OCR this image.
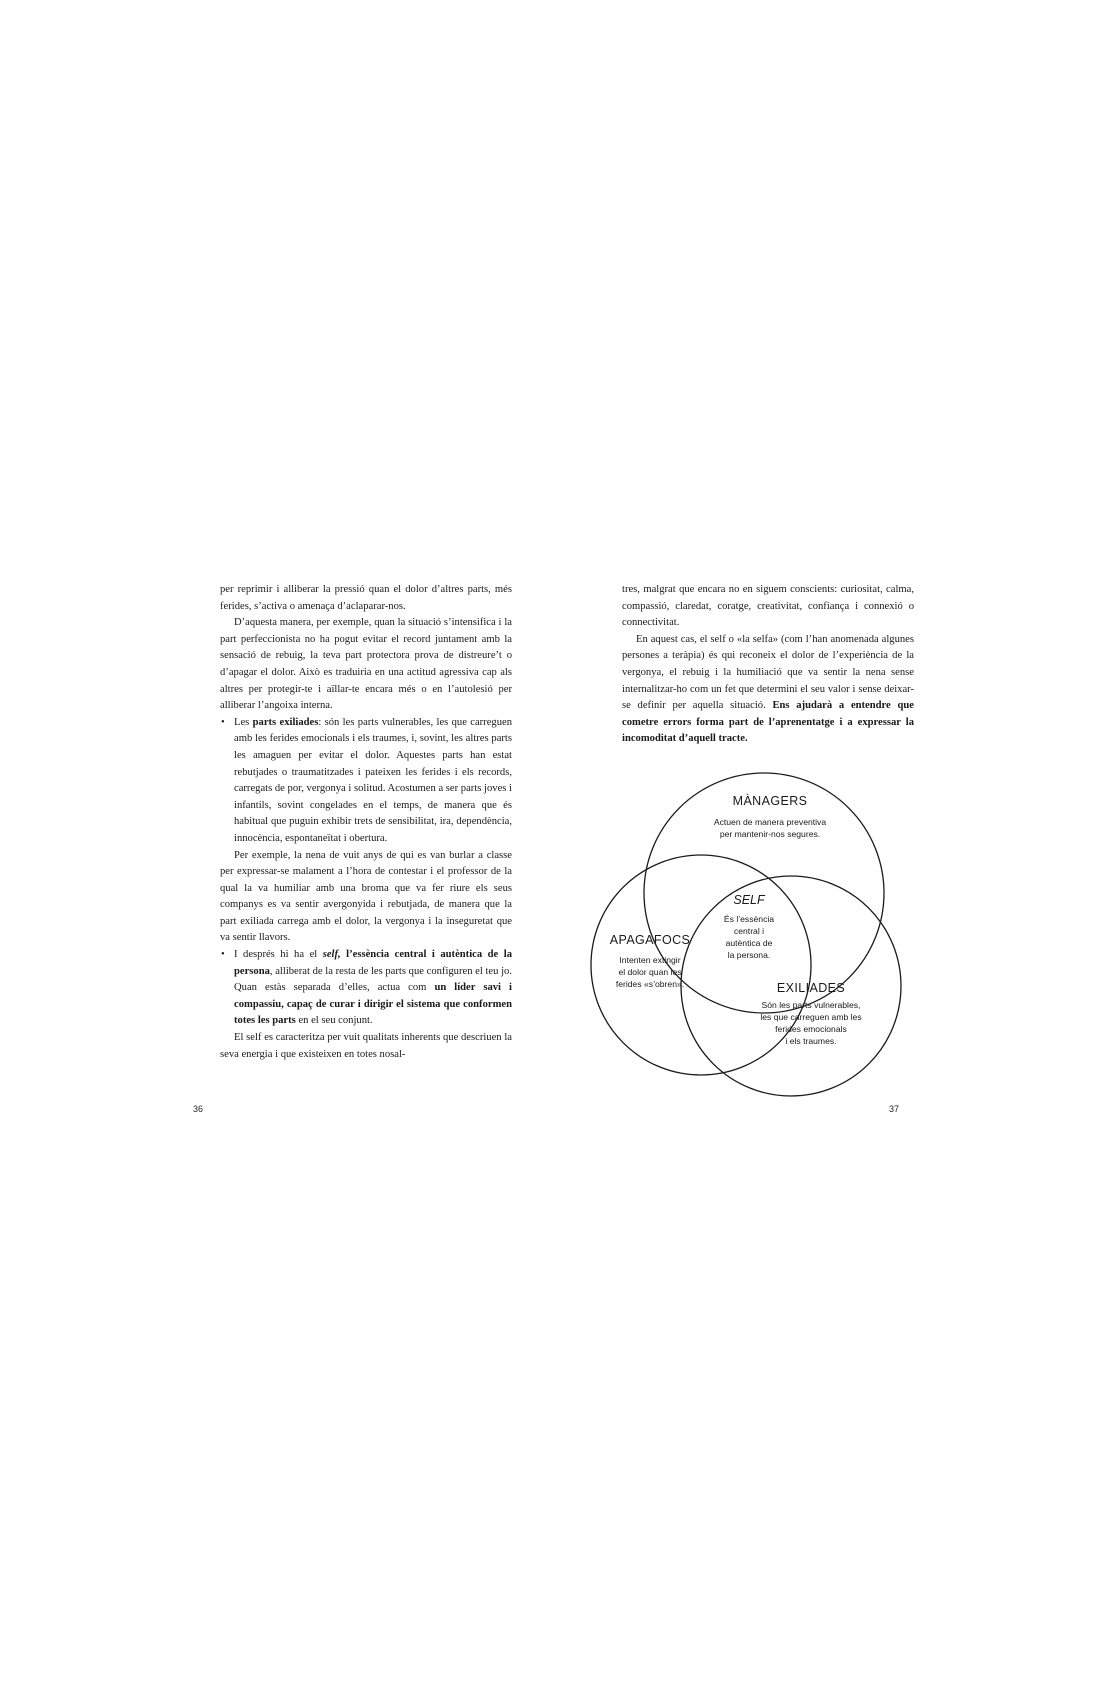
per reprimir i alliberar la pressió quan el dolor d’altres parts, més ferides, s’activa o amenaça d’aclaparar-nos.

D’aquesta manera, per exemple, quan la situació s’intensifica i la part perfeccionista no ha pogut evitar el record juntament amb la sensació de rebuig, la teva part protectora prova de distreure’t o d’apagar el dolor. Això es traduiria en una actitud agressiva cap als altres per protegir-te i aïllar-te encara més o en l’autolesió per alliberar l’angoixa interna.

• Les parts exiliades: són les parts vulnerables, les que carreguen amb les ferides emocionals i els traumes, i, sovint, les altres parts les amaguen per evitar el dolor. Aquestes parts han estat rebutjades o traumatitzades i pateixen les ferides i els records, carregats de por, vergonya i solitud. Acostumen a ser parts joves i infantils, sovint congelades en el temps, de manera que és habitual que puguin exhibir trets de sensibilitat, ira, dependència, innocència, espontaneïtat i obertura.

Per exemple, la nena de vuit anys de qui es van burlar a classe per expressar-se malament a l’hora de contestar i el professor de la qual la va humiliar amb una broma que va fer riure els seus companys es va sentir avergonyida i rebutjada, de manera que la part exiliada carrega amb el dolor, la vergonya i la inseguretat que va sentir llavors.

• I després hi ha el self, l’essència central i autèntica de la persona, alliberat de la resta de les parts que configuren el teu jo. Quan estàs separada d’elles, actua com un líder savi i compassiu, capaç de curar i dirigir el sistema que conformen totes les parts en el seu conjunt.

El self es caracteritza per vuit qualitats inherents que descriuen la seva energia i que existeixen en totes nosal-

36

tres, malgrat que encara no en siguem conscients: curiositat, calma, compassió, claredat, coratge, creativitat, confiança i connexió o connectivitat.

En aquest cas, el self o «la selfa» (com l’han anomenada algunes persones a teràpia) és qui reconeix el dolor de l’experiència de la vergonya, el rebuig i la humiliació que va sentir la nena sense internalitzar-ho com un fet que determini el seu valor i sense deixar-se definir per aquella situació. Ens ajudarà a entendre que cometre errors forma part de l’aprenentatge i a expressar la incomoditat d’aquell tracte.

37
MÀNAGERS
Actuen de manera preventiva
per mantenir-nos segures.
APAGAFOCS
Intenten extingir
el dolor quan les
ferides «s’obren».
SELF
És l’essència
central i
autèntica de
la persona.
EXILIADES
Són les parts vulnerables,
les que carreguen amb les
ferides emocionals
i els traumes.
